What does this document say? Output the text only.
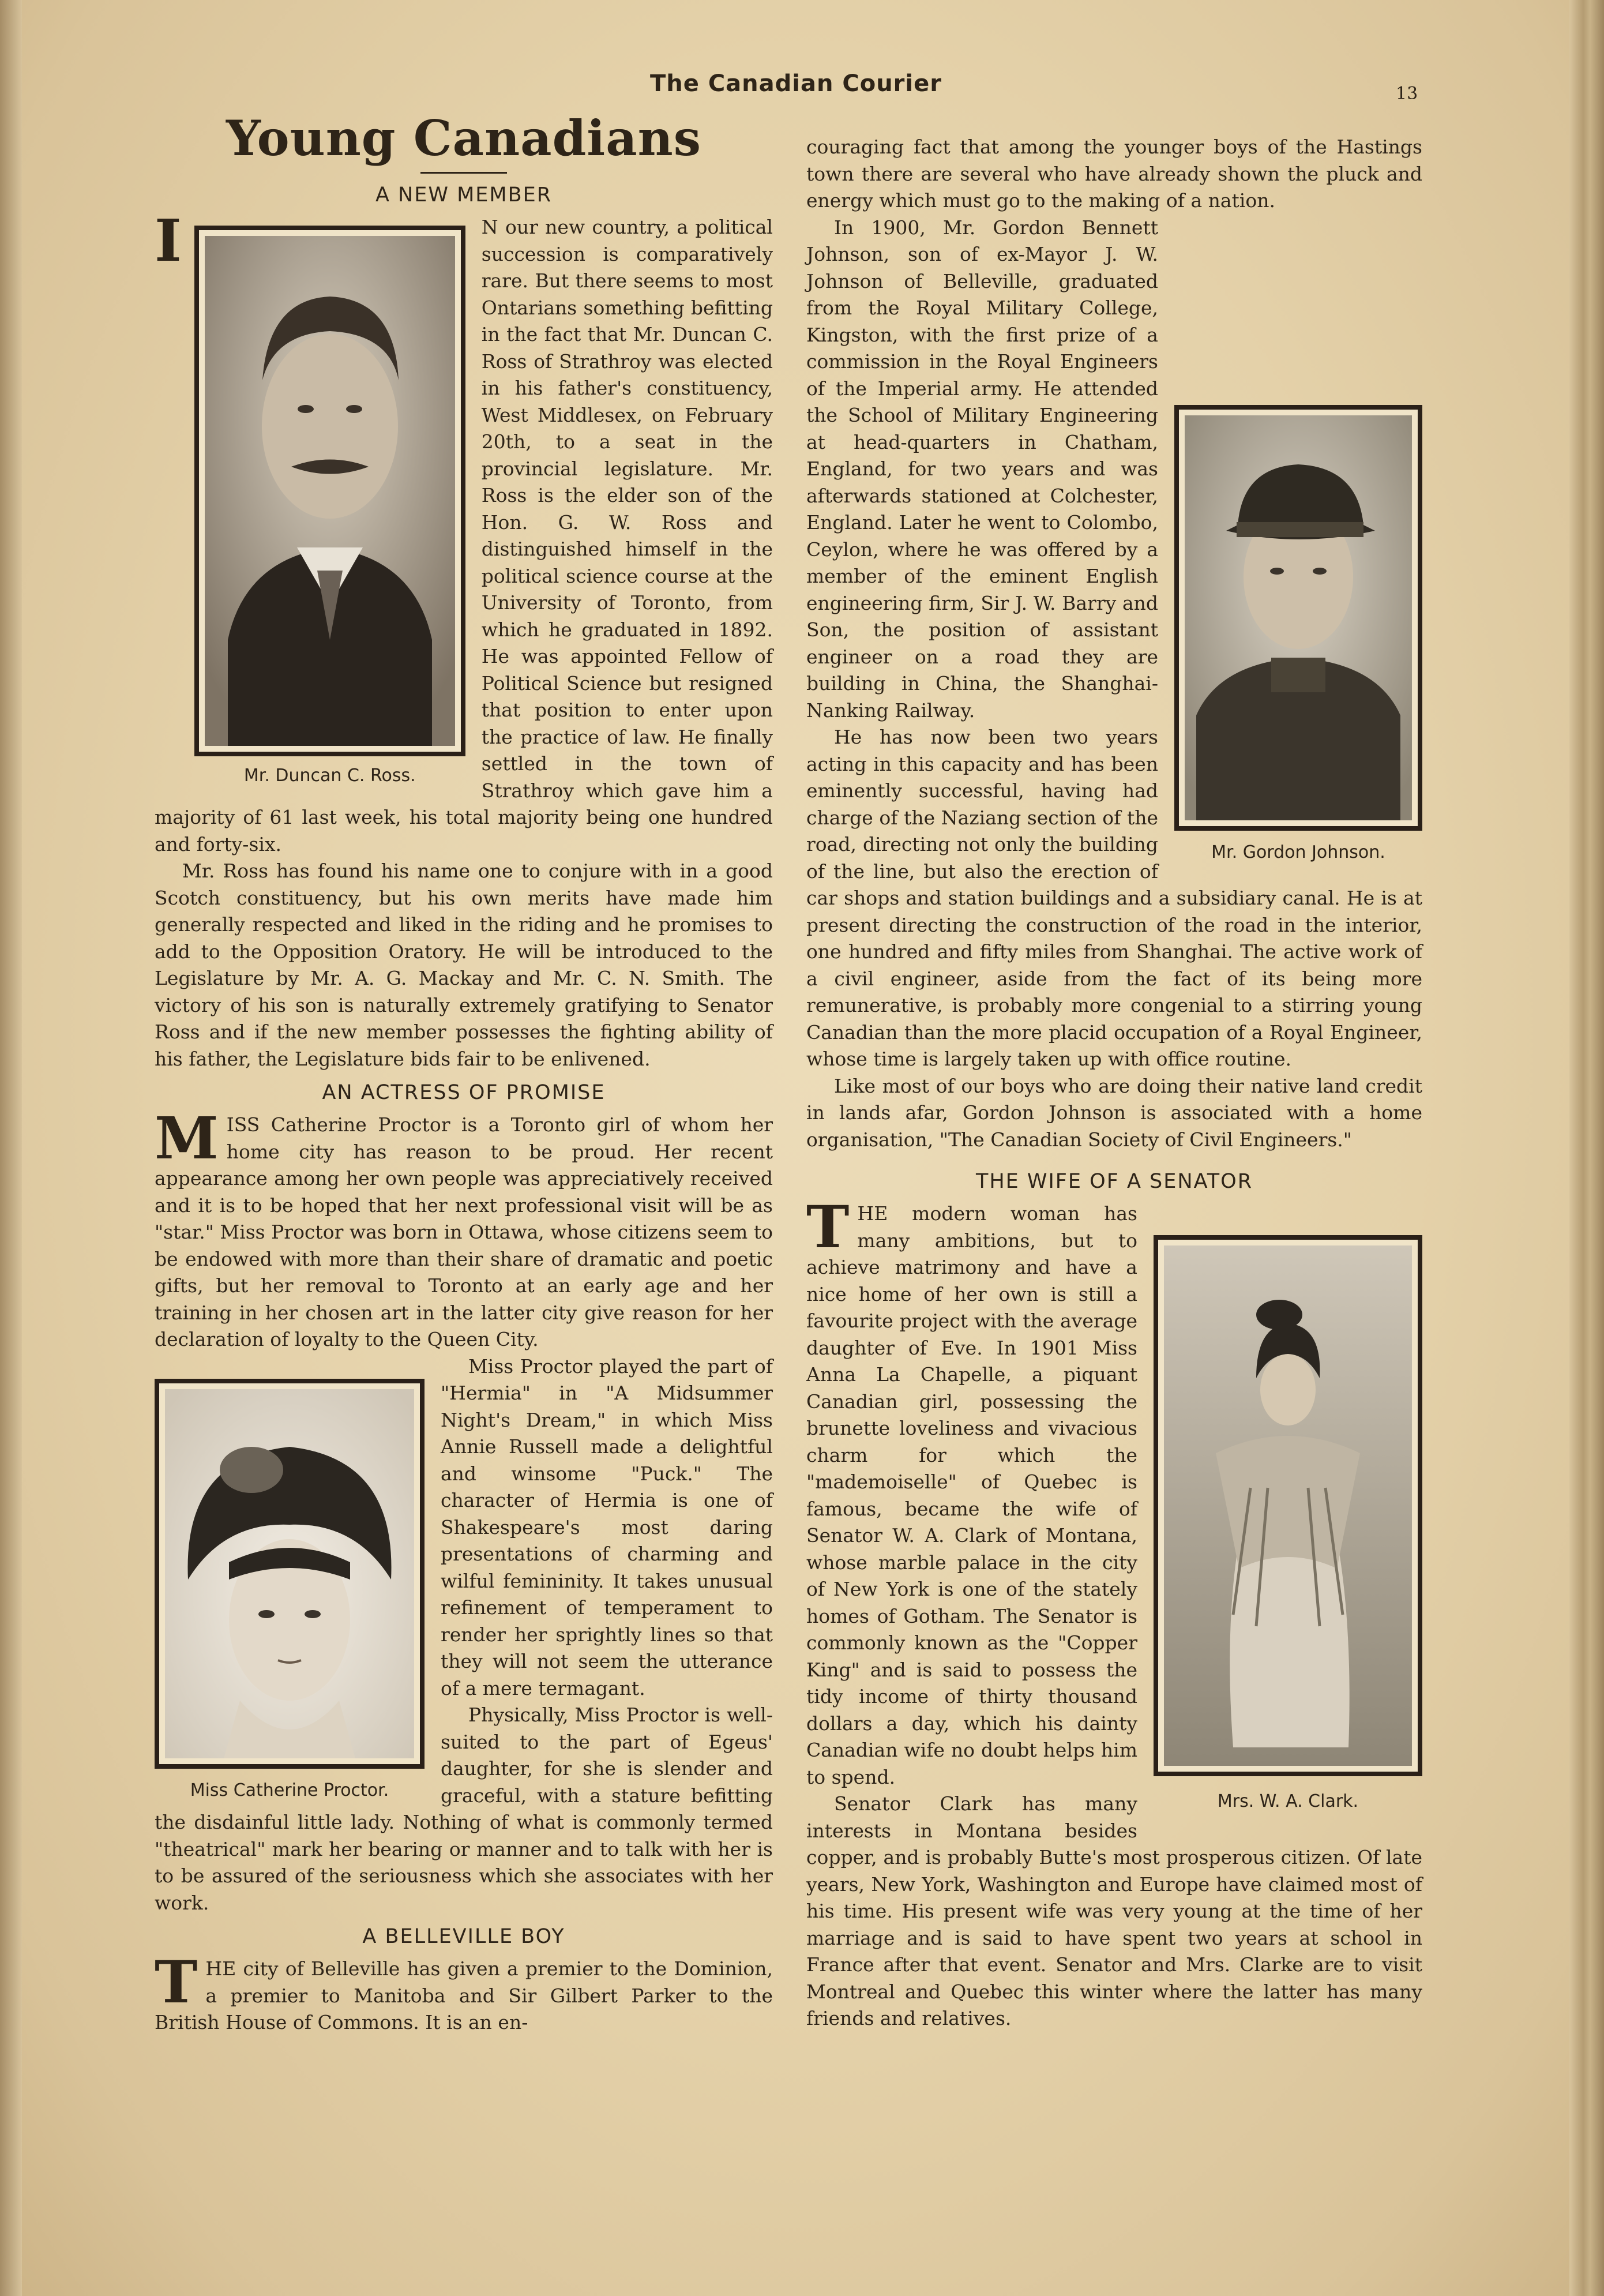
The Canadian Courier	13
Young Canadians
A NEW MEMBER

I
Mr. Duncan C. Ross.
N our new country, a political succession is comparatively rare. But there seems to most Ontarians something befitting in the fact that Mr. Duncan C. Ross of Strathroy was elected in his father's constituency, West Middlesex, on February 20th, to a seat in the provincial legislature. Mr. Ross is the elder son of the Hon. G. W. Ross and distinguished himself in the political science course at the University of Toronto, from which he graduated in 1892. He was appointed Fellow of Political Science but resigned that position to enter upon the practice of law. He finally settled in the town of Strathroy which gave him a majority of 61 last week, his total majority being one hundred and forty-six.

Mr. Ross has found his name one to conjure with in a good Scotch constituency, but his own merits have made him generally respected and liked in the riding and he promises to add to the Opposition Oratory. He will be introduced to the Legislature by Mr. A. G. Mackay and Mr. C. N. Smith. The victory of his son is naturally extremely gratifying to Senator Ross and if the new member possesses the fighting ability of his father, the Legislature bids fair to be enlivened.

AN ACTRESS OF PROMISE

M ISS Catherine Proctor is a Toronto girl of whom her home city has reason to be proud. Her recent appearance among her own people was appreciatively received and it is to be hoped that her next professional visit will be as "star." Miss Proctor was born in Ottawa, whose citizens seem to be endowed with more than their share of dramatic and poetic gifts, but her removal to Toronto at an early age and her training in her chosen art in the latter city give reason for her declaration of loyalty to the Queen City.

Miss Catherine Proctor.
Miss Proctor played the part of "Hermia" in "A Midsummer Night's Dream," in which Miss Annie Russell made a delightful and winsome "Puck." The character of Hermia is one of Shakespeare's most daring presentations of charming and wilful femininity. It takes unusual refinement of temperament to render her sprightly lines so that they will not seem the utterance of a mere termagant.

Physically, Miss Proctor is well-suited to the part of Egeus' daughter, for she is slender and graceful, with a stature befitting the disdainful little lady. Nothing of what is commonly termed "theatrical" mark her bearing or manner and to talk with her is to be assured of the seriousness which she associates with her work.

A BELLEVILLE BOY

T HE city of Belleville has given a premier to the Dominion, a premier to Manitoba and Sir Gilbert Parker to the British House of Commons. It is an en-

couraging fact that among the younger boys of the Hastings town there are several who have already shown the pluck and energy which must go to the making of a nation.

Mr. Gordon Johnson.
In 1900, Mr. Gordon Bennett Johnson, son of ex-Mayor J. W. Johnson of Belleville, graduated from the Royal Military College, Kingston, with the first prize of a commission in the Royal Engineers of the Imperial army. He attended the School of Military Engineering at head-quarters in Chatham, England, for two years and was afterwards stationed at Colchester, England. Later he went to Colombo, Ceylon, where he was offered by a member of the eminent English engineering firm, Sir J. W. Barry and Son, the position of assistant engineer on a road they are building in China, the Shanghai-Nanking Railway.

He has now been two years acting in this capacity and has been eminently successful, having had charge of the Naziang section of the road, directing not only the building of the line, but also the erection of car shops and station buildings and a subsidiary canal. He is at present directing the construction of the road in the interior, one hundred and fifty miles from Shanghai. The active work of a civil engineer, aside from the fact of its being more remunerative, is probably more congenial to a stirring young Canadian than the more placid occupation of a Royal Engineer, whose time is largely taken up with office routine.

Like most of our boys who are doing their native land credit in lands afar, Gordon Johnson is associated with a home organisation, "The Canadian Society of Civil Engineers."

THE WIFE OF A SENATOR

T
Mrs. W. A. Clark.
HE modern woman has many ambitions, but to achieve matrimony and have a nice home of her own is still a favourite project with the average daughter of Eve. In 1901 Miss Anna La Chapelle, a piquant Canadian girl, possessing the brunette loveliness and vivacious charm for which the "mademoiselle" of Quebec is famous, became the wife of Senator W. A. Clark of Montana, whose marble palace in the city of New York is one of the stately homes of Gotham. The Senator is commonly known as the "Copper King" and is said to possess the tidy income of thirty thousand dollars a day, which his dainty Canadian wife no doubt helps him to spend.

Senator Clark has many interests in Montana besides copper, and is probably Butte's most prosperous citizen. Of late years, New York, Washington and Europe have claimed most of his time. His present wife was very young at the time of her marriage and is said to have spent two years at school in France after that event. Senator and Mrs. Clarke are to visit Montreal and Quebec this winter where the latter has many friends and relatives.
